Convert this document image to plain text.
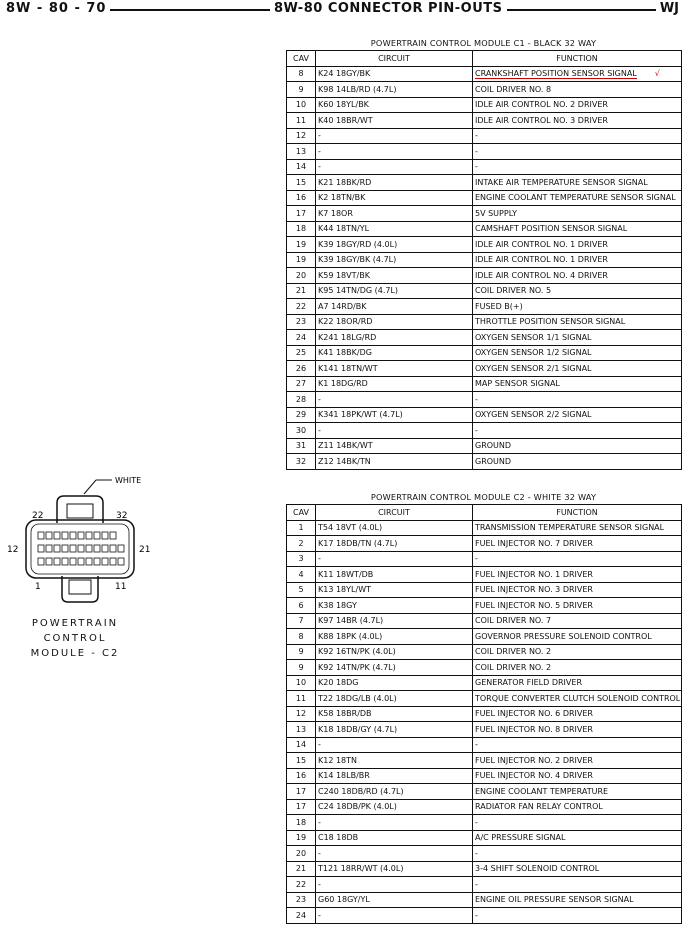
8W - 80 - 70	8W-80 CONNECTOR PIN-OUTS	WJ
POWERTRAIN CONTROL MODULE C1 - BLACK 32 WAY
CAV	CIRCUIT	FUNCTION
8	K24 18GY/BK	CRANKSHAFT POSITION SENSOR SIGNAL √
9	K98 14LB/RD (4.7L)	COIL DRIVER NO. 8
10	K60 18YL/BK	IDLE AIR CONTROL NO. 2 DRIVER
11	K40 18BR/WT	IDLE AIR CONTROL NO. 3 DRIVER
12	-	-
13	-	-
14	-	-
15	K21 18BK/RD	INTAKE AIR TEMPERATURE SENSOR SIGNAL
16	K2 18TN/BK	ENGINE COOLANT TEMPERATURE SENSOR SIGNAL
17	K7 18OR	5V SUPPLY
18	K44 18TN/YL	CAMSHAFT POSITION SENSOR SIGNAL
19	K39 18GY/RD (4.0L)	IDLE AIR CONTROL NO. 1 DRIVER
19	K39 18GY/BK (4.7L)	IDLE AIR CONTROL NO. 1 DRIVER
20	K59 18VT/BK	IDLE AIR CONTROL NO. 4 DRIVER
21	K95 14TN/DG (4.7L)	COIL DRIVER NO. 5
22	A7 14RD/BK	FUSED B(+)
23	K22 18OR/RD	THROTTLE POSITION SENSOR SIGNAL
24	K241 18LG/RD	OXYGEN SENSOR 1/1 SIGNAL
25	K41 18BK/DG	OXYGEN SENSOR 1/2 SIGNAL
26	K141 18TN/WT	OXYGEN SENSOR 2/1 SIGNAL
27	K1 18DG/RD	MAP SENSOR SIGNAL
28	-	-
29	K341 18PK/WT (4.7L)	OXYGEN SENSOR 2/2 SIGNAL
30	-	-
31	Z11 14BK/WT	GROUND
32	Z12 14BK/TN	GROUND
POWERTRAIN CONTROL MODULE C2 - WHITE 32 WAY
CAV	CIRCUIT	FUNCTION
1	T54 18VT (4.0L)	TRANSMISSION TEMPERATURE SENSOR SIGNAL
2	K17 18DB/TN (4.7L)	FUEL INJECTOR NO. 7 DRIVER
3	-	-
4	K11 18WT/DB	FUEL INJECTOR NO. 1 DRIVER
5	K13 18YL/WT	FUEL INJECTOR NO. 3 DRIVER
6	K38 18GY	FUEL INJECTOR NO. 5 DRIVER
7	K97 14BR (4.7L)	COIL DRIVER NO. 7
8	K88 18PK (4.0L)	GOVERNOR PRESSURE SOLENOID CONTROL
9	K92 16TN/PK (4.0L)	COIL DRIVER NO. 2
9	K92 14TN/PK (4.7L)	COIL DRIVER NO. 2
10	K20 18DG	GENERATOR FIELD DRIVER
11	T22 18DG/LB (4.0L)	TORQUE CONVERTER CLUTCH SOLENOID CONTROL
12	K58 18BR/DB	FUEL INJECTOR NO. 6 DRIVER
13	K18 18DB/GY (4.7L)	FUEL INJECTOR NO. 8 DRIVER
14	-	-
15	K12 18TN	FUEL INJECTOR NO. 2 DRIVER
16	K14 18LB/BR	FUEL INJECTOR NO. 4 DRIVER
17	C240 18DB/RD (4.7L)	ENGINE COOLANT TEMPERATURE
17	C24 18DB/PK (4.0L)	RADIATOR FAN RELAY CONTROL
18	-	-
19	C18 18DB	A/C PRESSURE SIGNAL
20	-	-
21	T121 18RR/WT (4.0L)	3-4 SHIFT SOLENOID CONTROL
22	-	-
23	G60 18GY/YL	ENGINE OIL PRESSURE SENSOR SIGNAL
24	-	-
WHITE
22	32
12	21
1	11
POWERTRAIN
CONTROL
MODULE - C2
